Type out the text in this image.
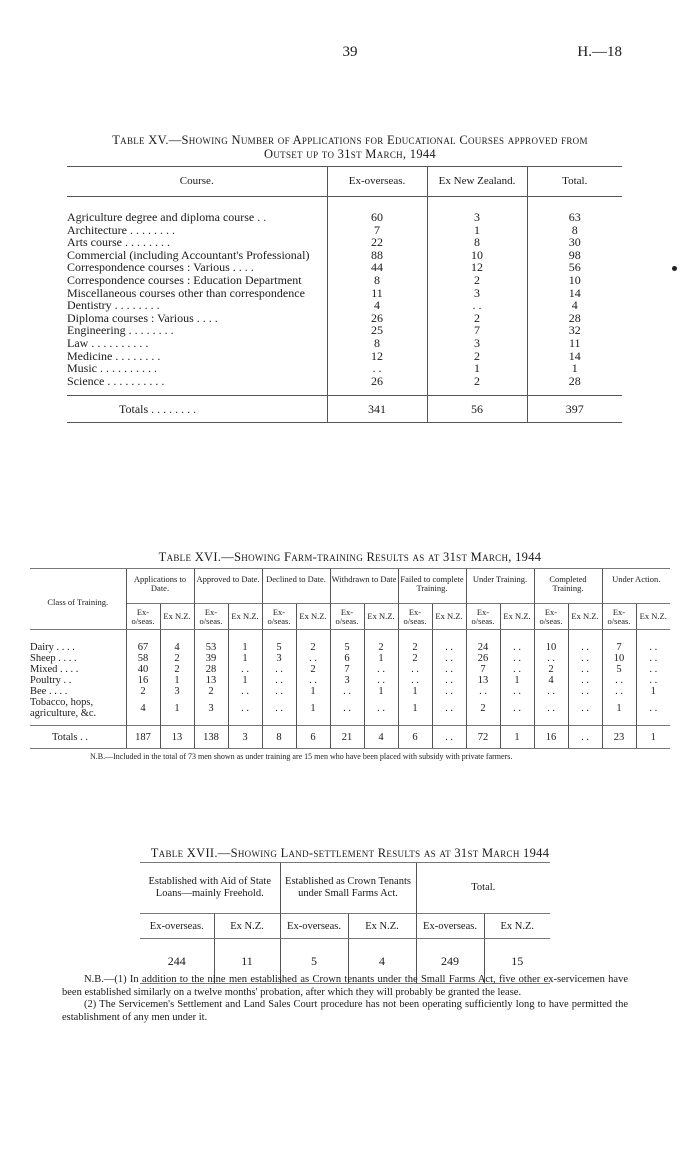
39	H.—18
Table XV.—Showing Number of Applications for Educational Courses approved from
Outset up to 31st March, 1944
Course.	Ex-overseas.	Ex New Zealand.	Total.

Agriculture degree and diploma course . .	60	3	63
Architecture . . . . . . . .	7	1	8
Arts course . . . . . . . .	22	8	30
Commercial (including Accountant's Professional)	88	10	98
Correspondence courses : Various . . . .	44	12	56
Correspondence courses : Education Department	8	2	10
Miscellaneous courses other than correspondence	11	3	14
Dentistry . . . . . . . .	4	. .	4
Diploma courses : Various . . . .	26	2	28
Engineering . . . . . . . .	25	7	32
Law . . . . . . . . . .	8	3	11
Medicine . . . . . . . .	12	2	14
Music . . . . . . . . . .	. .	1	1
Science . . . . . . . . . .	26	2	28

Totals . . . . . . . .	341	56	397
Table XVI.—Showing Farm-training Results as at 31st March, 1944
Class of Training.	Applications to Date.		Approved to Date.		Declined to Date.		Withdrawn to Date		Failed to complete Training.		Under Training.		Completed Training.		Under Action.	
	Ex-o/seas.	Ex N.Z.	Ex-o/seas.	Ex N.Z.	Ex-o/seas.	Ex N.Z.	Ex-o/seas.	Ex N.Z.	Ex-o/seas.	Ex N.Z.	Ex-o/seas.	Ex N.Z.	Ex-o/seas.	Ex N.Z.	Ex-o/seas.	Ex N.Z.

Dairy . . . .	67	4	53	1	5	2	5	2	2	. .	24	. .	10	. .	7	. .
Sheep . . . .	58	2	39	1	3	. .	6	1	2	. .	26	. .	. .	. .	10	. .
Mixed . . . .	40	2	28	. .	. .	2	7	. .	. .	. .	7	. .	2	. .	5	. .
Poultry . .	16	1	13	1	. .	. .	3	. .	. .	. .	13	1	4	. .	. .	. .
Bee . . . .	2	3	2	. .	. .	1	. .	1	1	. .	. .	. .	. .	. .	. .	1
Tobacco, hops, agriculture, &c.	4	1	3	. .	. .	1	. .	. .	1	. .	2	. .	. .	. .	1	. .

Totals . .	187	13	138	3	8	6	21	4	6	. .	72	1	16	. .	23	1
N.B.—Included in the total of 73 men shown as under training are 15 men who have been placed with subsidy with private farmers.
Table XVII.—Showing Land-settlement Results as at 31st March 1944
Established with Aid of State Loans—mainly Freehold.		Established as Crown Tenants under Small Farms Act.		Total.	
Ex-overseas.	Ex N.Z.	Ex-overseas.	Ex N.Z.	Ex-overseas.	Ex N.Z.
244	11	5	4	249	15

N.B.—(1) In addition to the nine men established as Crown tenants under the Small Farms Act, five other ex-servicemen have been established similarly on a twelve months' probation, after which they will probably be granted the lease.

(2) The Servicemen's Settlement and Land Sales Court procedure has not been operating sufficiently long to have permitted the establishment of any men under it.
